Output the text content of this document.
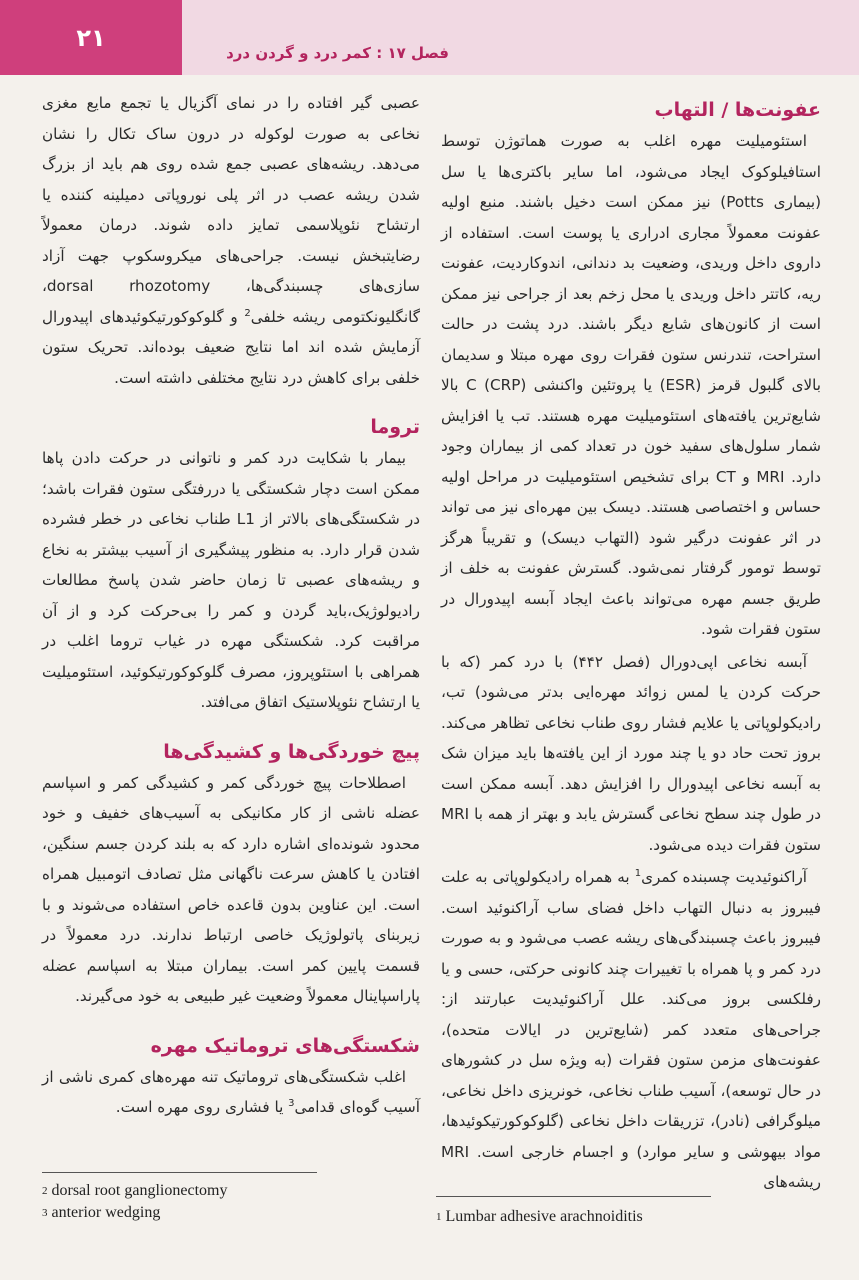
۲۱
فصل ۱۷ : کمر درد و گردن درد
عفونت‌ها / التهاب

استئومیلیت مهره اغلب به صورت هماتوژن توسط استافیلوکوک ایجاد می‌شود، اما سایر باکتری‌ها یا سل (بیماری Potts) نیز ممکن است دخیل باشند. منبع اولیه عفونت معمولاً مجاری ادراری یا پوست است. استفاده از داروی داخل وریدی، وضعیت بد دندانی، اندوکاردیت، عفونت ریه، کاتتر داخل وریدی یا محل زخم بعد از جراحی نیز ممکن است از کانون‌های شایع دیگر باشند. درد پشت در حالت استراحت، تندرنس ستون فقرات روی مهره مبتلا و سدیمان بالای گلبول قرمز (ESR) یا پروتئین واکنشی C (CRP) بالا شایع‌ترین یافته‌های استئومیلیت مهره هستند. تب یا افزایش شمار سلول‌های سفید خون در تعداد کمی از بیماران وجود دارد. MRI و CT برای تشخیص استئومیلیت در مراحل اولیه حساس و اختصاصی هستند. دیسک بین مهره‌ای نیز می تواند در اثر عفونت درگیر شود (التهاب دیسک) و تقریباً هرگز توسط تومور گرفتار نمی‌شود. گسترش عفونت به خلف از طریق جسم مهره می‌تواند باعث ایجاد آبسه اپیدورال در ستون فقرات شود.

آبسه نخاعی اپی‌دورال (فصل ۴۴۲) با درد کمر (که با حرکت کردن یا لمس زوائد مهره‌ایی بدتر می‌شود) تب، رادیکولوپاتی یا علایم فشار روی طناب نخاعی تظاهر می‌کند. بروز تحت حاد دو یا چند مورد از این یافته‌ها باید میزان شک به آبسه نخاعی اپیدورال را افزایش دهد. آبسه ممکن است در طول چند سطح نخاعی گسترش یابد و بهتر از همه با MRI ستون فقرات دیده می‌شود.

آراکنوئیدیت چسبنده کمری$^1$ به همراه رادیکولوپاتی به علت فیبروز به دنبال التهاب داخل فضای ساب آراکنوئید است. فیبروز باعث چسبندگی‌های ریشه عصب می‌شود و به صورت درد کمر و پا همراه با تغییرات چند کانونی حرکتی، حسی و یا رفلکسی بروز می‌کند. علل آراکنوئیدیت عبارتند از: جراحی‌های متعدد کمر (شایع‌ترین در ایالات متحده)، عفونت‌های مزمن ستون فقرات (به ویژه سل در کشورهای در حال توسعه)، آسیب طناب نخاعی، خونریزی داخل نخاعی، میلوگرافی (نادر)، تزریقات داخل نخاعی (گلوکوکورتیکوئیدها، مواد بیهوشی و سایر موارد) و اجسام خارجی است. MRI ریشه‌های

عصبی گیر افتاده را در نمای آگزیال یا تجمع مایع مغزی نخاعی به صورت لوکوله در درون ساک تکال را نشان می‌دهد. ریشه‌های عصبی جمع شده روی هم باید از بزرگ شدن ریشه عصب در اثر پلی نوروپاتی دمیلینه کننده یا ارتشاح نئوپلاسمی تمایز داده شوند. درمان معمولاً رضایتبخش نیست. جراحی‌های میکروسکوپ جهت آزاد سازی‌های چسبندگی‌ها، dorsal rhozotomy، گانگلیونکتومی ریشه خلفی$^2$ و گلوکوکورتیکوئیدهای اپیدورال آزمایش شده اند اما نتایج ضعیف بوده‌اند. تحریک ستون خلفی برای کاهش درد نتایج مختلفی داشته است.

تروما

بیمار با شکایت درد کمر و ناتوانی در حرکت دادن پاها ممکن است دچار شکستگی یا دررفتگی ستون فقرات باشد؛ در شکستگی‌های بالاتر از L1 طناب نخاعی در خطر فشرده شدن قرار دارد. به منظور پیشگیری از آسیب بیشتر به نخاع و ریشه‌های عصبی تا زمان حاضر شدن پاسخ مطالعات رادیولوژیک،باید گردن و کمر را بی‌حرکت کرد و از آن مراقبت کرد. شکستگی مهره در غیاب تروما اغلب در همراهی با استئوپروز، مصرف گلوکوکورتیکوئید، استئومیلیت یا ارتشاح نئوپلاستیک اتفاق می‌افتد.

پیچ خوردگی‌ها و کشیدگی‌ها

اصطلاحات پیچ خوردگی کمر و کشیدگی کمر و اسپاسم عضله ناشی از کار مکانیکی به آسیب‌های خفیف و خود محدود شونده‌ای اشاره دارد که به بلند کردن جسم سنگین، افتادن یا کاهش سرعت ناگهانی مثل تصادف اتومبیل همراه است. این عناوین بدون قاعده خاص استفاده می‌شوند و با زیربنای پاتولوژیک خاصی ارتباط ندارند. درد معمولاً در قسمت پایین کمر است. بیماران مبتلا به اسپاسم عضله پاراسپاینال معمولاً وضعیت غیر طبیعی به خود می‌گیرند.

شکستگی‌های تروماتیک مهره

اغلب شکستگی‌های تروماتیک تنه مهره‌های کمری ناشی از آسیب گوه‌ای قدامی$^3$ یا فشاری روی مهره است.

$^2$ dorsal root ganglionectomy
$^3$ anterior wedging	$^1$ Lumbar adhesive arachnoiditis
